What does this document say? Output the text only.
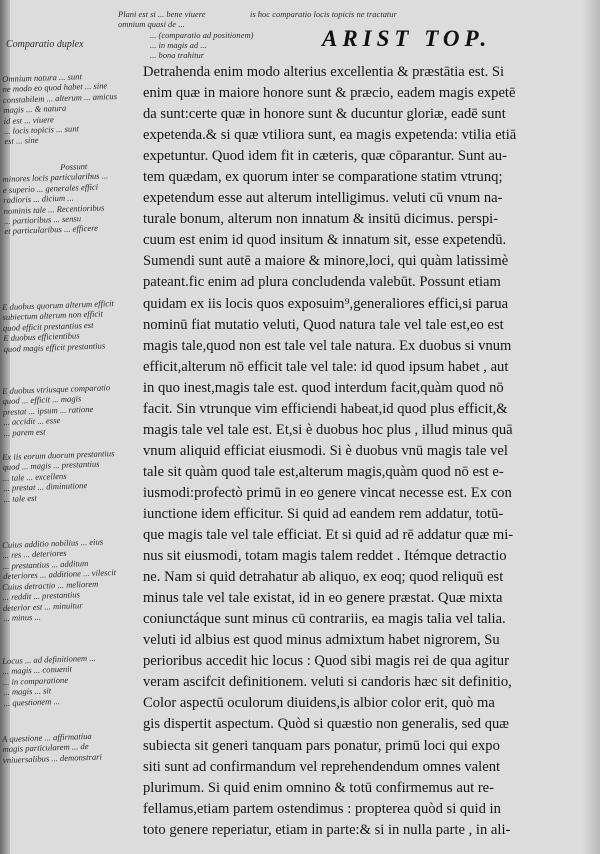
ARIST TOP.
Plani est si ... bene viuere
omnium quasi de ...
is hoc comparatio locis topicis ne tractatur
Comparatio duplex
... (comparatio ad positionem)
... in magis ad ...
... bona trahitur
Detrahenda enim modo alterius excellentia & præstātia est. Si
enim quæ in maiore honore sunt & præcio, eadem magis expetē
da sunt:certe quæ in honore sunt & ducuntur gloriæ, eadē sunt
expetenda.& si quæ vtiliora sunt, ea magis expetenda: vtilia etiā
expetuntur. Quod idem fit in cæteris, quæ cōparantur. Sunt au-
tem quædam, ex quorum inter se comparatione statim vtrunq;
expetendum esse aut alterum intelligimus. veluti cū vnum na-
turale bonum, alterum non innatum & insitū dicimus. perspi-
cuum est enim id quod insitum & innatum sit, esse expetendū.
Sumendi sunt autē a maiore & minore,loci, qui quàm latissimè
pateant.fic enim ad plura concludenda valebūt. Possunt etiam
quidam ex iis locis quos exposuim⁹,generaliores effici,si parua
nominū fiat mutatio veluti, Quod natura tale vel tale est,eo est
magis tale,quod non est tale vel tale natura. Ex duobus si vnum
efficit,alterum nō efficit tale vel tale: id quod ipsum habet , aut
in quo inest,magis tale est. quod interdum facit,quàm quod nō
facit. Sin vtrunque vim efficiendi habeat,id quod plus efficit,&
magis tale vel tale est. Et,si è duobus hoc plus , illud minus quā
vnum aliquid efficiat eiusmodi. Si è duobus vnū magis tale vel
tale sit quàm quod tale est,alterum magis,quàm quod nō est e-
iusmodi:profectò primū in eo genere vincat necesse est. Ex con
iunctione idem efficitur. Si quid ad eandem rem addatur, totū-
que magis tale vel tale efficiat. Et si quid ad rē addatur quæ mi-
nus sit eiusmodi, totam magis talem reddet . Itémque detractio
ne. Nam si quid detrahatur ab aliquo, ex eoq; quod reliquū est
minus tale vel tale existat, id in eo genere præstat. Quæ mixta
coniunctáque sunt minus cū contrariis, ea magis talia vel talia.
veluti id albius est quod minus admixtum habet nigrorem, Su
perioribus accedit hic locus : Quod sibi magis rei de qua agitur
veram ascifcit definitionem. veluti si candoris hæc sit definitio,
Color aspectū oculorum diuidens,is albior color erit, quò ma
gis dispertit aspectum. Quòd si quæstio non generalis, sed quæ
subiecta sit generi tanquam pars ponatur, primū loci qui expo
siti sunt ad confirmandum vel reprehendendum omnes valent
plurimum. Si quid enim omnino & totū confirmemus aut re-
fellamus,etiam partem ostendimus : propterea quòd si quid in
toto genere reperiatur, etiam in parte:& si in nulla parte , in ali-
Omnium natura ... sunt
ne modo eo quod habet ... sine
constabilem ... alterum ... amicus
magis ... & natura
id est ... viuere
... locis topicis ... sunt
est ... sine
Possunt
minores locis particularibus ...
e superio ... generales effici
radioris ... dicium ...
nominis tale ... Recentioribus
... partioribus ... sensu
et particularibus ... efficere
E duobus quorum alterum efficit
subiectum alterum non efficit
quod efficit prestantius est
E duobus efficientibus
quod magis efficit prestantius
E duobus vtriusque comparatio
quod ... efficit ... magis
prestat ... ipsum ... ratione
... accidit ... esse
... parem est
Ex iis eorum duorum prestantius
quod ... magis ... prestantius
... tale ... excellens
... prestat ... diminutione
... tale est
Cuius additio nobilius ... eius
... res ... deteriores
... prestantius ... additum
deteriores ... additione ... vilescit
Cuius detractio ... meliorem
... reddit ... prestantius
deterior est ... minuitur
... minus ...
Locus ... ad definitionem ...
... magis ... conuenit
... in comparatione
... magis ... sit
... questionem ...
A questione ... affirmatiua
magis particularem ... de
vniuersalibus ... demonstrari
